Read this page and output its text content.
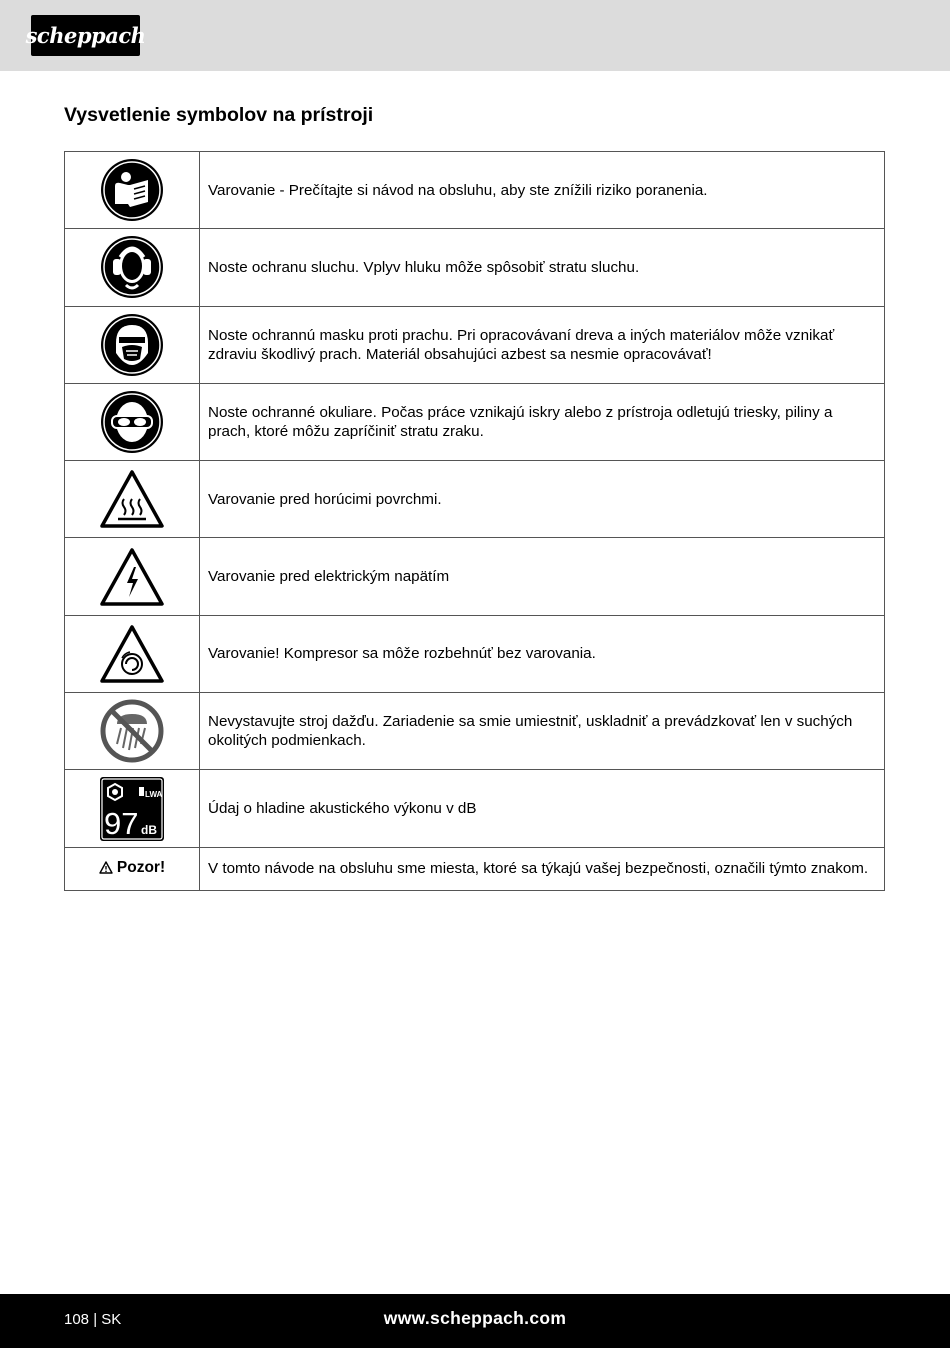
scheppach
Vysvetlenie symbolov na prístroji
	Varovanie - Prečítajte si návod na obsluhu, aby ste znížili riziko poranenia.

	Noste ochranu sluchu. Vplyv hluku môže spôsobiť stratu sluchu.

	Noste ochrannú masku proti prachu. Pri opracovávaní dreva a iných materiálov môže vznikať zdraviu škodlivý prach. Materiál obsahujúci azbest sa nesmie opracovávať!

	Noste ochranné okuliare. Počas práce vznikajú iskry alebo z prístroja odletujú triesky, piliny a prach, ktoré môžu zapríčiniť stratu zraku.

	Varovanie pred horúcimi povrchmi.

	Varovanie pred elektrickým napätím

	Varovanie! Kompresor sa môže rozbehnúť bez varovania.

	Nevystavujte stroj dažďu. Zariadenie sa smie umiestniť, uskladniť a prevádzkovať len v suchých okolitých podmienkach.

LWA
97 dB	Údaj o hladine akustického výkonu v dB

Pozor!	V tomto návode na obsluhu sme miesta, ktoré sa týkajú vašej bezpečnosti, označili týmto znakom.
108 | SK	www.scheppach.com
